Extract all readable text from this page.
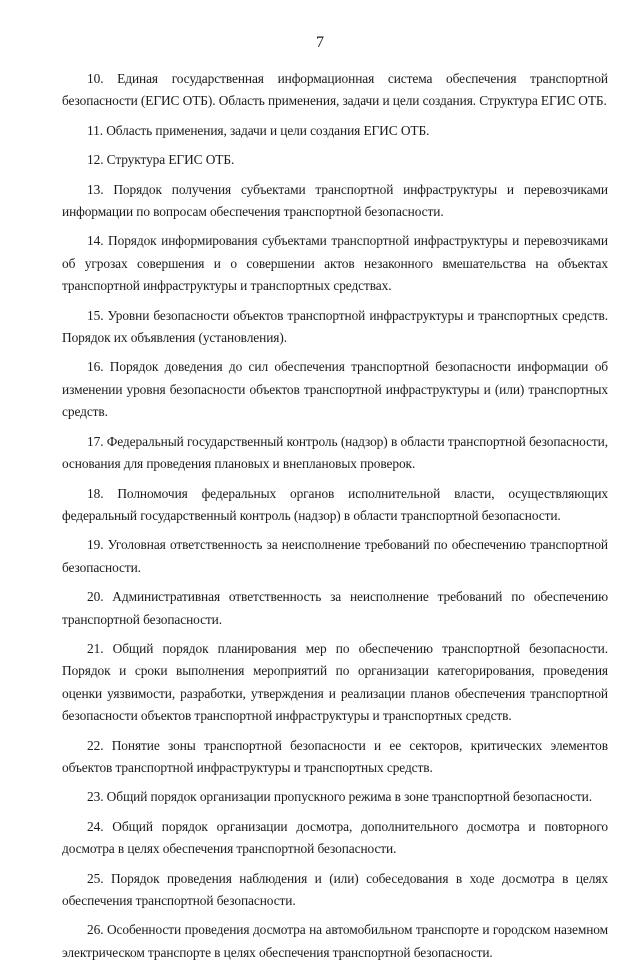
7

10. Единая государственная информационная система обеспечения транспортной безопасности (ЕГИС ОТБ). Область применения, задачи и цели создания. Структура ЕГИС ОТБ.

11. Область применения, задачи и цели создания ЕГИС ОТБ.

12. Структура ЕГИС ОТБ.

13. Порядок получения субъектами транспортной инфраструктуры и перевозчиками информации по вопросам обеспечения транспортной безопасности.

14. Порядок информирования субъектами транспортной инфраструктуры и перевозчиками об угрозах совершения и о совершении актов незаконного вмешательства на объектах транспортной инфраструктуры и транспортных средствах.

15. Уровни безопасности объектов транспортной инфраструктуры и транспортных средств. Порядок их объявления (установления).

16. Порядок доведения до сил обеспечения транспортной безопасности информации об изменении уровня безопасности объектов транспортной инфраструктуры и (или) транспортных средств.

17. Федеральный государственный контроль (надзор) в области транспортной безопасности, основания для проведения плановых и внеплановых проверок.

18. Полномочия федеральных органов исполнительной власти, осуществляющих федеральный государственный контроль (надзор) в области транспортной безопасности.

19. Уголовная ответственность за неисполнение требований по обеспечению транспортной безопасности.

20. Административная ответственность за неисполнение требований по обеспечению транспортной безопасности.

21. Общий порядок планирования мер по обеспечению транспортной безопасности. Порядок и сроки выполнения мероприятий по организации категорирования, проведения оценки уязвимости, разработки, утверждения и реализации планов обеспечения транспортной безопасности объектов транспортной инфраструктуры и транспортных средств.

22. Понятие зоны транспортной безопасности и ее секторов, критических элементов объектов транспортной инфраструктуры и транспортных средств.

23. Общий порядок организации пропускного режима в зоне транспортной безопасности.

24. Общий порядок организации досмотра, дополнительного досмотра и повторного досмотра в целях обеспечения транспортной безопасности.

25. Порядок проведения наблюдения и (или) собеседования в ходе досмотра в целях обеспечения транспортной безопасности.

26. Особенности проведения досмотра на автомобильном транспорте и городском наземном электрическом транспорте в целях обеспечения транспортной безопасности.
